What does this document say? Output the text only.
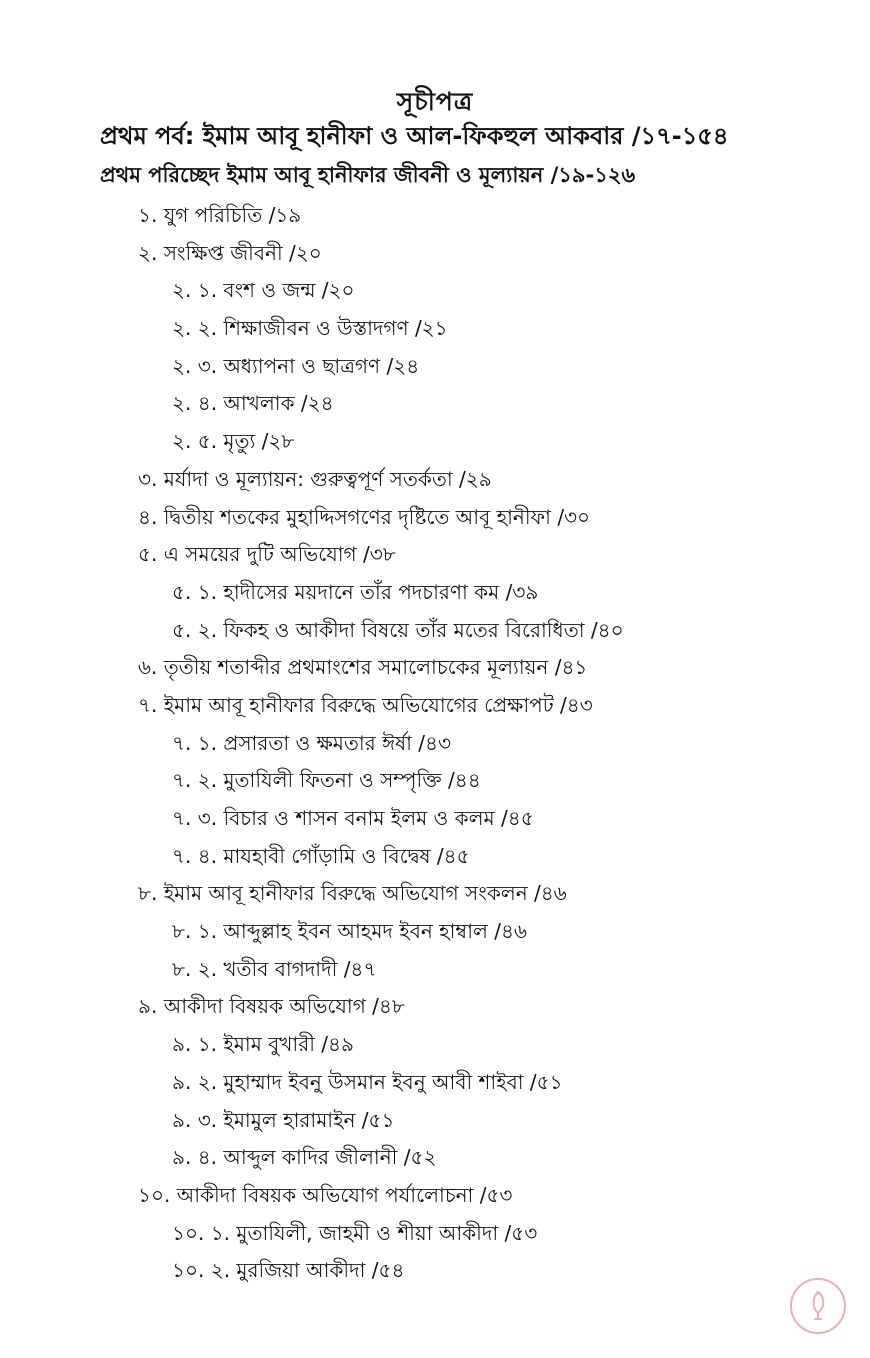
সূচীপত্র
প্রথম পর্ব: ইমাম আবূ হানীফা ও আল-ফিকহুল আকবার /১৭-১৫৪
প্রথম পরিচ্ছেদ ইমাম আবূ হানীফার জীবনী ও মূল্যায়ন /১৯-১২৬
১. যুগ পরিচিতি /১৯
২. সংক্ষিপ্ত জীবনী /২০
২. ১. বংশ ও জন্ম /২০
২. ২. শিক্ষাজীবন ও উস্তাদগণ /২১
২. ৩. অধ্যাপনা ও ছাত্রগণ /২৪
২. ৪. আখলাক /২৪
২. ৫. মৃত্যু /২৮
৩. মর্যাদা ও মূল্যায়ন: গুরুত্বপূর্ণ সতর্কতা /২৯
৪. দ্বিতীয় শতকের মুহাদ্দিসগণের দৃষ্টিতে আবূ হানীফা /৩০
৫. এ সময়ের দুটি অভিযোগ /৩৮
৫. ১. হাদীসের ময়দানে তাঁর পদচারণা কম /৩৯
৫. ২. ফিকহ ও আকীদা বিষয়ে তাঁর মতের বিরোধিতা /৪০
৬. তৃতীয় শতাব্দীর প্রথমাংশের সমালোচকের মূল্যায়ন /৪১
৭. ইমাম আবূ হানীফার বিরুদ্ধে অভিযোগের প্রেক্ষাপট /৪৩
৭. ১. প্রসারতা ও ক্ষমতার ঈর্ষা /৪৩
৭. ২. মুতাযিলী ফিতনা ও সম্পৃক্তি /৪৪
৭. ৩. বিচার ও শাসন বনাম ইলম ও কলম /৪৫
৭. ৪. মাযহাবী গোঁড়ামি ও বিদ্বেষ /৪৫
৮. ইমাম আবূ হানীফার বিরুদ্ধে অভিযোগ সংকলন /৪৬
৮. ১. আব্দুল্লাহ ইবন আহমদ ইবন হাম্বাল /৪৬
৮. ২. খতীব বাগদাদী /৪৭
৯. আকীদা বিষয়ক অভিযোগ /৪৮
৯. ১. ইমাম বুখারী /৪৯
৯. ২. মুহাম্মাদ ইবনু উসমান ইবনু আবী শাইবা /৫১
৯. ৩. ইমামুল হারামাইন /৫১
৯. ৪. আব্দুল কাদির জীলানী /৫২
১০. আকীদা বিষয়ক অভিযোগ পর্যালোচনা /৫৩
১০. ১. মুতাযিলী, জাহমী ও শীয়া আকীদা /৫৩
১০. ২. মুরজিয়া আকীদা /৫৪
